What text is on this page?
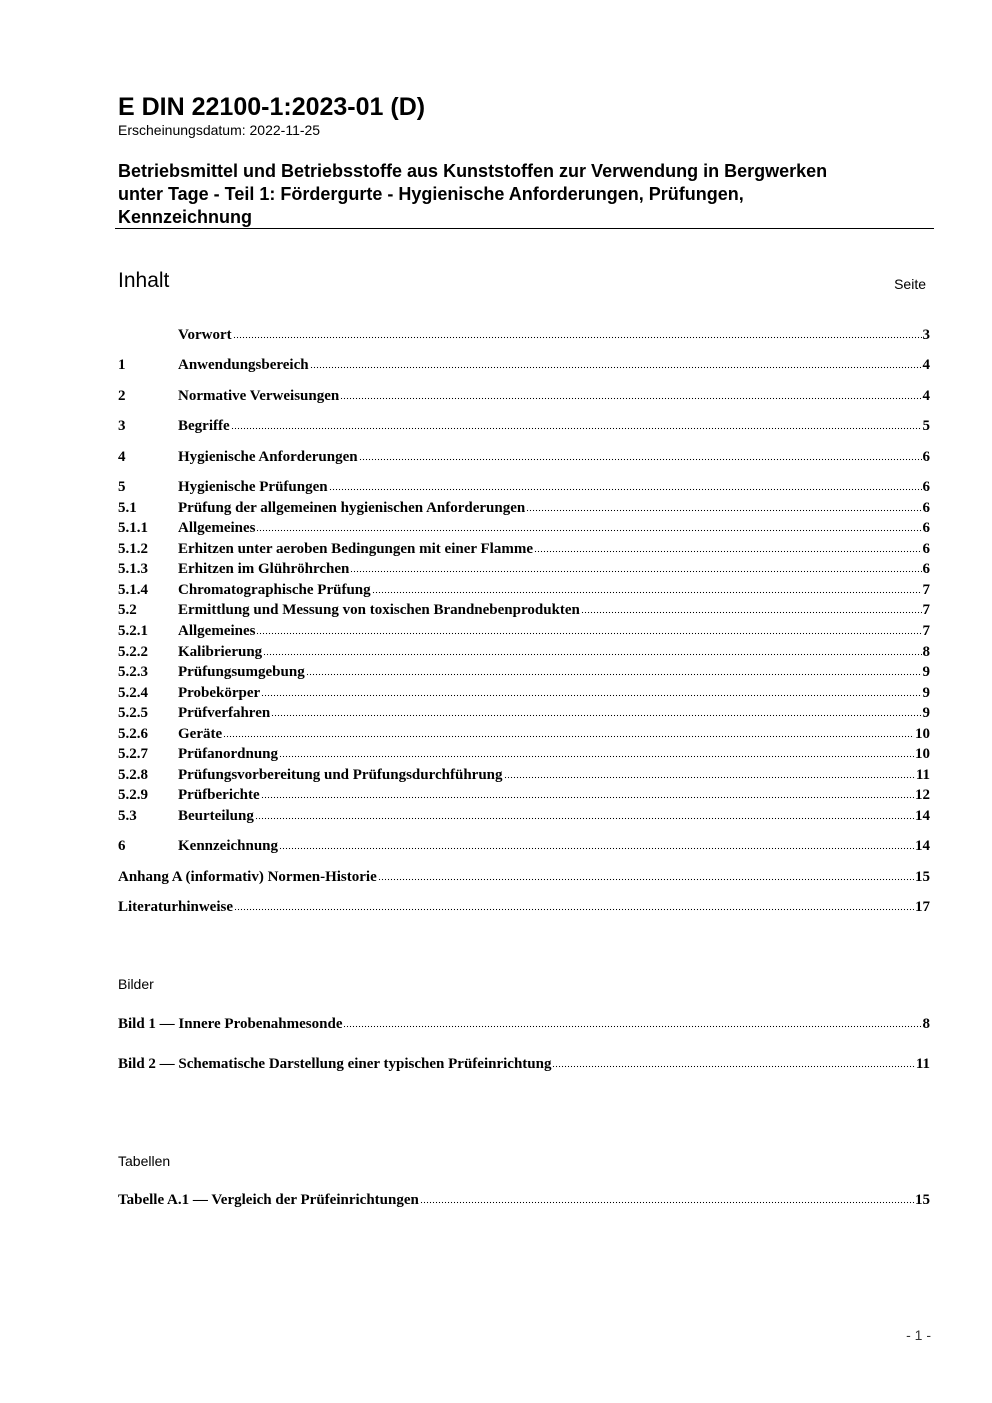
E DIN 22100-1:2023-01 (D)
Erscheinungsdatum: 2022-11-25
Betriebsmittel und Betriebsstoffe aus Kunststoffen zur Verwendung in Bergwerken
unter Tage - Teil 1: Fördergurte - Hygienische Anforderungen, Prüfungen,
Kennzeichnung
Inhalt	Seite
Vorwort	3
1	Anwendungsbereich	4
2	Normative Verweisungen	4
3	Begriffe	5
4	Hygienische Anforderungen	6
5	Hygienische Prüfungen	6
5.1	Prüfung der allgemeinen hygienischen Anforderungen	6
5.1.1	Allgemeines	6
5.1.2	Erhitzen unter aeroben Bedingungen mit einer Flamme	6
5.1.3	Erhitzen im Glühröhrchen	6
5.1.4	Chromatographische Prüfung	7
5.2	Ermittlung und Messung von toxischen Brandnebenprodukten	7
5.2.1	Allgemeines	7
5.2.2	Kalibrierung	8
5.2.3	Prüfungsumgebung	9
5.2.4	Probekörper	9
5.2.5	Prüfverfahren	9
5.2.6	Geräte	10
5.2.7	Prüfanordnung	10
5.2.8	Prüfungsvorbereitung und Prüfungsdurchführung	11
5.2.9	Prüfberichte	12
5.3	Beurteilung	14
6	Kennzeichnung	14
Anhang A (informativ) Normen-Historie	15
Literaturhinweise	17
Bilder
Bild 1 — Innere Probenahmesonde	8
Bild 2 — Schematische Darstellung einer typischen Prüfeinrichtung	11
Tabellen
Tabelle A.1 — Vergleich der Prüfeinrichtungen	15
- 1 -
